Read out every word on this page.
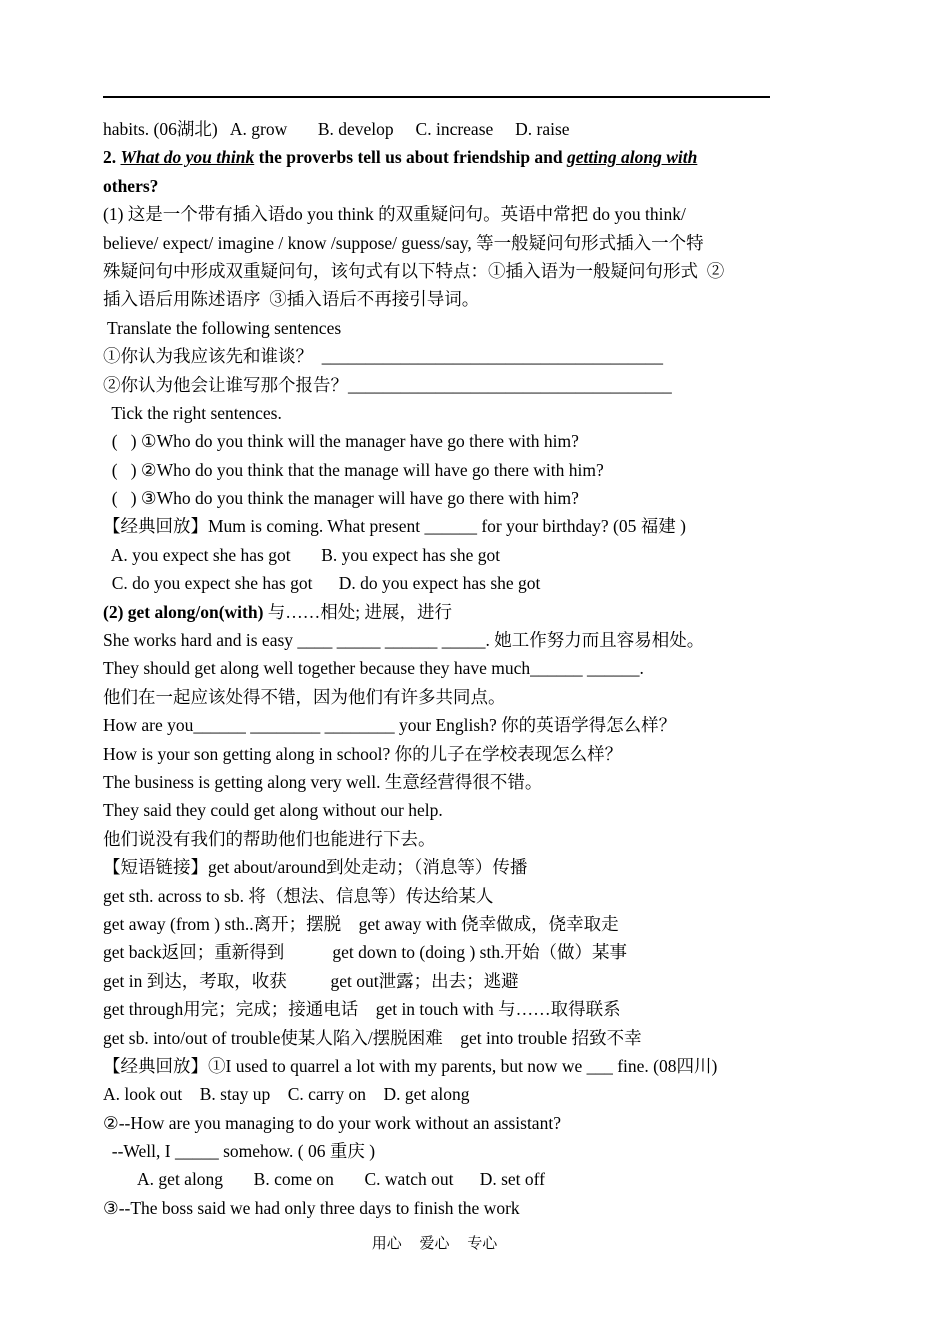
habits. (06湖北)   A. grow       B. develop     C. increase     D. raise
2. What do you think the proverbs tell us about friendship and getting along with
others?
(1) 这是一个带有插入语do you think 的双重疑问句。英语中常把 do you think/
believe/ expect/ imagine / know /suppose/ guess/say, 等一般疑问句形式插入一个特
殊疑问句中形成双重疑问句，该句式有以下特点：①插入语为一般疑问句形式  ②
插入语后用陈述语序  ③插入语后不再接引导词。
Translate the following sentences
①你认为我应该先和谁谈？  _______________________________________
②你认为他会让谁写那个报告？_____________________________________
Tick the right sentences.
(   ) ①Who do you think will the manager have go there with him?
(   ) ②Who do you think that the manage will have go there with him?
(   ) ③Who do you think the manager will have go there with him?
【经典回放】Mum is coming. What present ______ for your birthday? (05 福建 )
A. you expect she has got       B. you expect has she got
C. do you expect she has got      D. do you expect has she got
(2) get along/on(with) 与……相处; 进展，进行
She works hard and is easy ____ _____ ______ _____. 她工作努力而且容易相处。
They should get along well together because they have much______ ______.
他们在一起应该处得不错，因为他们有许多共同点。
How are you______ ________ ________ your English? 你的英语学得怎么样？
How is your son getting along in school? 你的儿子在学校表现怎么样？
The business is getting along very well. 生意经营得很不错。
They said they could get along without our help.
他们说没有我们的帮助他们也能进行下去。
【短语链接】get about/around到处走动；（消息等）传播
get sth. across to sb. 将（想法、信息等）传达给某人
get away (from ) sth..离开；摆脱    get away with 侥幸做成，侥幸取走
get back返回；重新得到           get down to (doing ) sth.开始（做）某事
get in 到达，考取，收获          get out泄露；出去；逃避
get through用完；完成；接通电话    get in touch with 与……取得联系
get sb. into/out of trouble使某人陷入/摆脱困难    get into trouble 招致不幸
【经典回放】①I used to quarrel a lot with my parents, but now we ___ fine. (08四川)
A. look out    B. stay up    C. carry on    D. get along
②--How are you managing to do your work without an assistant?
--Well, I _____ somehow. ( 06 重庆 )
A. get along       B. come on       C. watch out      D. set off
③--The boss said we had only three days to finish the work
用心 爱心 专心
